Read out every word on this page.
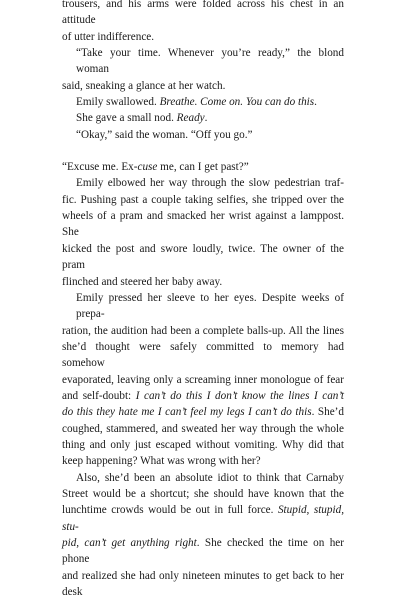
trousers, and his arms were folded across his chest in an attitude
of utter indifference.
“Take your time. Whenever you’re ready,” the blond woman
said, sneaking a glance at her watch.
Emily swallowed. Breathe. Come on. You can do this.
She gave a small nod. Ready.
“Okay,” said the woman. “Off you go.”
“Excuse me. Ex-cuse me, can I get past?”
Emily elbowed her way through the slow pedestrian traf-
fic. Pushing past a couple taking selfies, she tripped over the
wheels of a pram and smacked her wrist against a lamppost. She
kicked the post and swore loudly, twice. The owner of the pram
flinched and steered her baby away.
Emily pressed her sleeve to her eyes. Despite weeks of prepa-
ration, the audition had been a complete balls-up. All the lines
she’d thought were safely committed to memory had somehow
evaporated, leaving only a screaming inner monologue of fear
and self-doubt: I can’t do this I don’t know the lines I can’t
do this they hate me I can’t feel my legs I can’t do this. She’d
coughed, stammered, and sweated her way through the whole
thing and only just escaped without vomiting. Why did that
keep happening? What was wrong with her?
Also, she’d been an absolute idiot to think that Carnaby
Street would be a shortcut; she should have known that the
lunchtime crowds would be out in full force. Stupid, stupid, stu-
pid, can’t get anything right. She checked the time on her phone
and realized she had only nineteen minutes to get back to her desk
